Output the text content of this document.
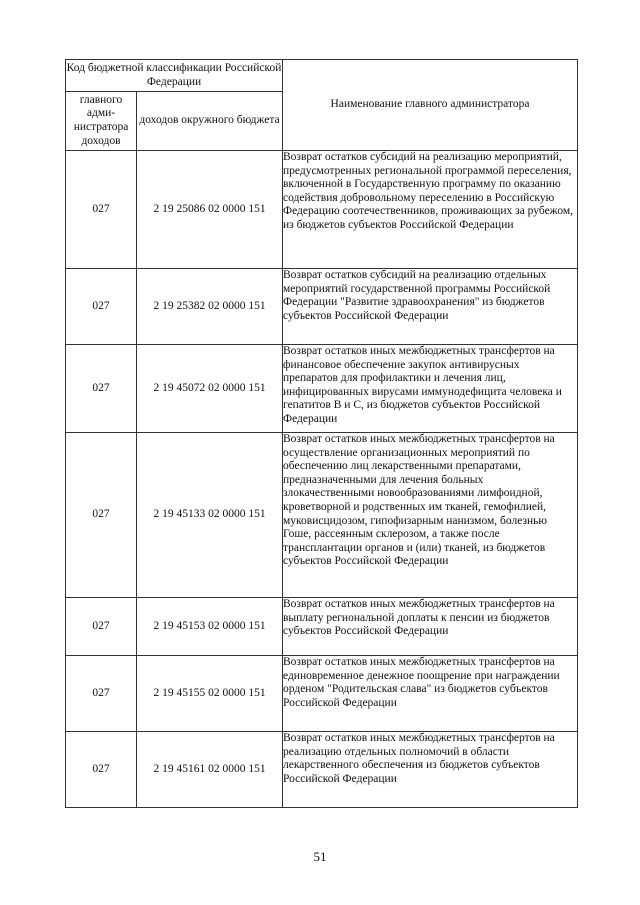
Код бюджетной классификации Российской Федерации		Наименование главного администратора
главного адми-нистратора доходов	доходов окружного бюджета	
027	2 19 25086 02 0000 151	Возврат остатков субсидий на реализацию мероприятий, предусмотренных региональной программой переселения, включенной в Государственную программу по оказанию содействия добровольному переселению в Российскую Федерацию соотечественников, проживающих за рубежом, из бюджетов субъектов Российской Федерации
027	2 19 25382 02 0000 151	Возврат остатков субсидий на реализацию отдельных мероприятий государственной программы Российской Федерации "Развитие здравоохранения" из бюджетов субъектов Российской Федерации
027	2 19 45072 02 0000 151	Возврат остатков иных межбюджетных трансфертов на финансовое обеспечение закупок антивирусных препаратов для профилактики и лечения лиц, инфицированных вирусами иммунодефицита человека и гепатитов В и С, из бюджетов субъектов Российской Федерации
027	2 19 45133 02 0000 151	Возврат остатков иных межбюджетных трансфертов на осуществление организационных мероприятий по обеспечению лиц лекарственными препаратами, предназначенными для лечения больных злокачественными новообразованиями лимфоидной, кроветворной и родственных им тканей, гемофилией, муковисцидозом, гипофизарным нанизмом, болезнью Гоше, рассеянным склерозом, а также после трансплантации органов и (или) тканей, из бюджетов субъектов Российской Федерации
027	2 19 45153 02 0000 151	Возврат остатков иных межбюджетных трансфертов на выплату региональной доплаты к пенсии из бюджетов субъектов Российской Федерации
027	2 19 45155 02 0000 151	Возврат остатков иных межбюджетных трансфертов на единовременное денежное поощрение при награждении орденом "Родительская слава" из бюджетов субъектов Российской Федерации
027	2 19 45161 02 0000 151	Возврат остатков иных межбюджетных трансфертов на реализацию отдельных полномочий в области лекарственного обеспечения из бюджетов субъектов Российской Федерации
51
